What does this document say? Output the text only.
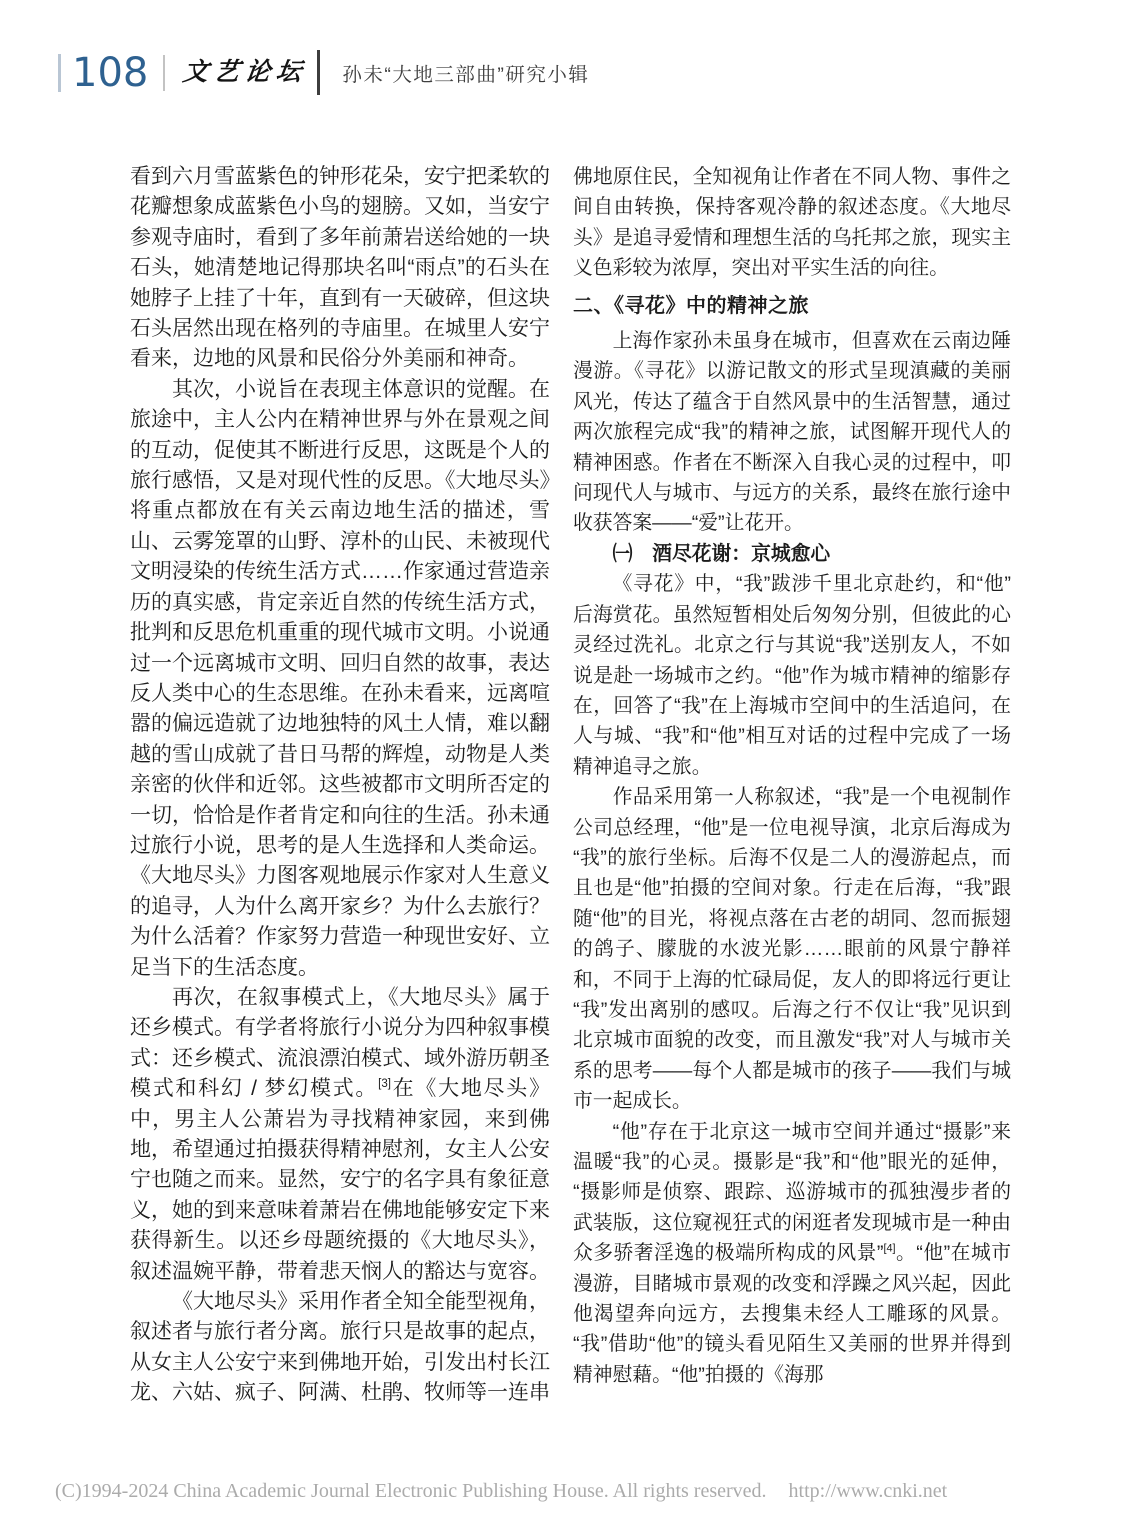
108 文艺论坛 孙未“大地三部曲”研究小辑

看到六月雪蓝紫色的钟形花朵，安宁把柔软的花瓣想象成蓝紫色小鸟的翅膀。又如，当安宁参观寺庙时，看到了多年前萧岩送给她的一块石头，她清楚地记得那块名叫“雨点”的石头在她脖子上挂了十年，直到有一天破碎，但这块石头居然出现在格列的寺庙里。在城里人安宁看来，边地的风景和民俗分外美丽和神奇。

其次，小说旨在表现主体意识的觉醒。在旅途中，主人公内在精神世界与外在景观之间的互动，促使其不断进行反思，这既是个人的旅行感悟，又是对现代性的反思。《大地尽头》将重点都放在有关云南边地生活的描述，雪山、云雾笼罩的山野、淳朴的山民、未被现代文明浸染的传统生活方式……作家通过营造亲历的真实感，肯定亲近自然的传统生活方式，批判和反思危机重重的现代城市文明。小说通过一个远离城市文明、回归自然的故事，表达反人类中心的生态思维。在孙未看来，远离喧嚣的偏远造就了边地独特的风土人情，难以翻越的雪山成就了昔日马帮的辉煌，动物是人类亲密的伙伴和近邻。这些被都市文明所否定的一切，恰恰是作者肯定和向往的生活。孙未通过旅行小说，思考的是人生选择和人类命运。《大地尽头》力图客观地展示作家对人生意义的追寻，人为什么离开家乡？为什么去旅行？为什么活着？作家努力营造一种现世安好、立足当下的生活态度。

再次，在叙事模式上，《大地尽头》属于还乡模式。有学者将旅行小说分为四种叙事模式：还乡模式、流浪漂泊模式、域外游历朝圣模式和科幻 / 梦幻模式。[3]在《大地尽头》中，男主人公萧岩为寻找精神家园，来到佛地，希望通过拍摄获得精神慰剂，女主人公安宁也随之而来。显然，安宁的名字具有象征意义，她的到来意味着萧岩在佛地能够安定下来获得新生。以还乡母题统摄的《大地尽头》，叙述温婉平静，带着悲天悯人的豁达与宽容。

《大地尽头》采用作者全知全能型视角，叙述者与旅行者分离。旅行只是故事的起点，从女主人公安宁来到佛地开始，引发出村长江龙、六姑、疯子、阿满、杜鹃、牧师等一连串

佛地原住民，全知视角让作者在不同人物、事件之间自由转换，保持客观冷静的叙述态度。《大地尽头》是追寻爱情和理想生活的乌托邦之旅，现实主义色彩较为浓厚，突出对平实生活的向往。

二、《寻花》中的精神之旅

上海作家孙未虽身在城市，但喜欢在云南边陲漫游。《寻花》以游记散文的形式呈现滇藏的美丽风光，传达了蕴含于自然风景中的生活智慧，通过两次旅程完成“我”的精神之旅，试图解开现代人的精神困惑。作者在不断深入自我心灵的过程中，叩问现代人与城市、与远方的关系，最终在旅行途中收获答案——“爱”让花开。

㈠　酒尽花谢：京城愈心

《寻花》中，“我”跋涉千里北京赴约，和“他”后海赏花。虽然短暂相处后匆匆分别，但彼此的心灵经过洗礼。北京之行与其说“我”送别友人，不如说是赴一场城市之约。“他”作为城市精神的缩影存在，回答了“我”在上海城市空间中的生活追问，在人与城、“我”和“他”相互对话的过程中完成了一场精神追寻之旅。

作品采用第一人称叙述，“我”是一个电视制作公司总经理，“他”是一位电视导演，北京后海成为“我”的旅行坐标。后海不仅是二人的漫游起点，而且也是“他”拍摄的空间对象。行走在后海，“我”跟随“他”的目光，将视点落在古老的胡同、忽而振翅的鸽子、朦胧的水波光影……眼前的风景宁静祥和，不同于上海的忙碌局促，友人的即将远行更让“我”发出离别的感叹。后海之行不仅让“我”见识到北京城市面貌的改变，而且激发“我”对人与城市关系的思考——每个人都是城市的孩子——我们与城市一起成长。

“他”存在于北京这一城市空间并通过“摄影”来温暖“我”的心灵。摄影是“我”和“他”眼光的延伸，“摄影师是侦察、跟踪、巡游城市的孤独漫步者的武装版，这位窥视狂式的闲逛者发现城市是一种由众多骄奢淫逸的极端所构成的风景”[4]。“他”在城市漫游，目睹城市景观的改变和浮躁之风兴起，因此他渴望奔向远方，去搜集未经人工雕琢的风景。“我”借助“他”的镜头看见陌生又美丽的世界并得到精神慰藉。“他”拍摄的《海那

(C)1994-2024 China Academic Journal Electronic Publishing House. All rights reserved. http://www.cnki.net
